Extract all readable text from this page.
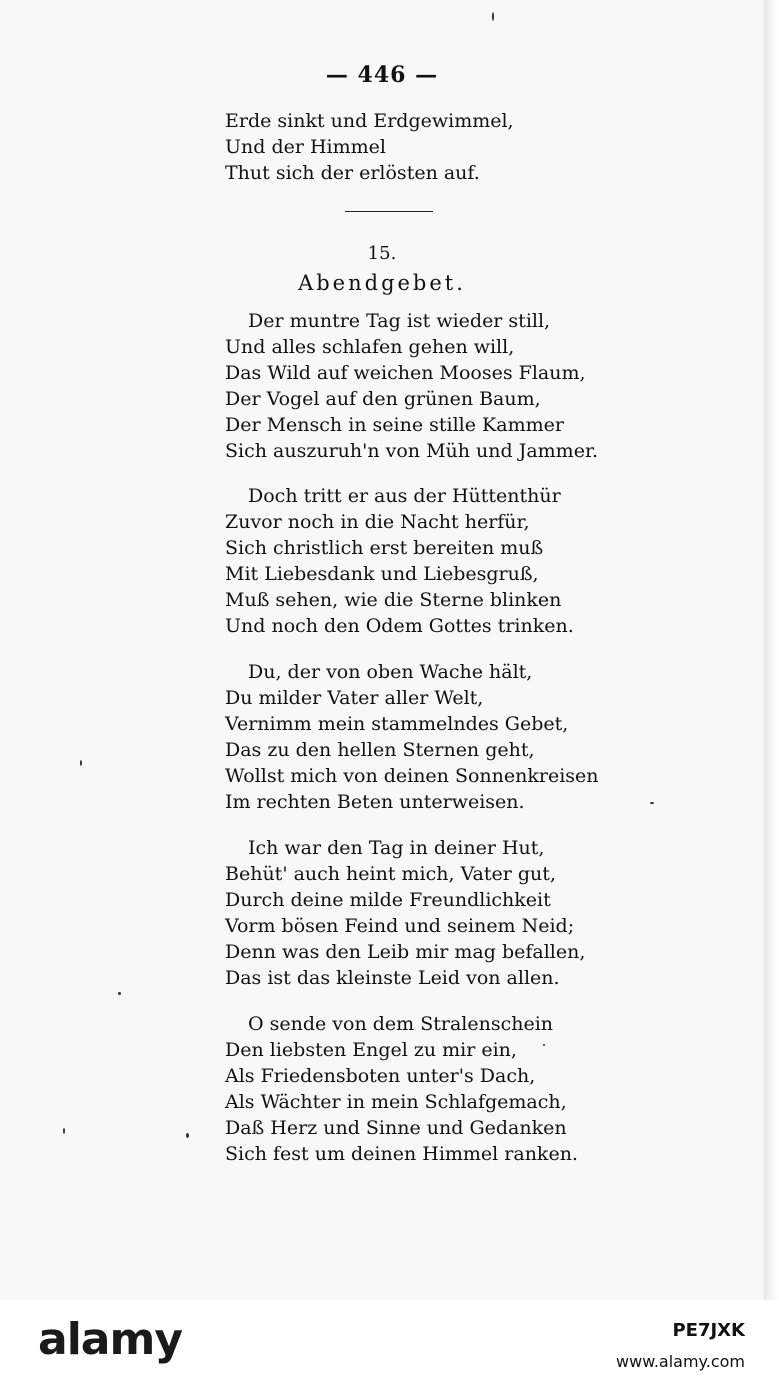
— 446 —
Erde sinkt und Erdgewimmel,
Und der Himmel
Thut sich der erlösten auf.
15.
Abendgebet.
Der muntre Tag ist wieder still,
Und alles schlafen gehen will,
Das Wild auf weichen Mooses Flaum,
Der Vogel auf den grünen Baum,
Der Mensch in seine stille Kammer
Sich auszuruh'n von Müh und Jammer.
Doch tritt er aus der Hüttenthür
Zuvor noch in die Nacht herfür,
Sich christlich erst bereiten muß
Mit Liebesdank und Liebesgruß,
Muß sehen, wie die Sterne blinken
Und noch den Odem Gottes trinken.
Du, der von oben Wache hält,
Du milder Vater aller Welt,
Vernimm mein stammelndes Gebet,
Das zu den hellen Sternen geht,
Wollst mich von deinen Sonnenkreisen
Im rechten Beten unterweisen.
Ich war den Tag in deiner Hut,
Behüt' auch heint mich, Vater gut,
Durch deine milde Freundlichkeit
Vorm bösen Feind und seinem Neid;
Denn was den Leib mir mag befallen,
Das ist das kleinste Leid von allen.
O sende von dem Stralenschein
Den liebsten Engel zu mir ein,
Als Friedensboten unter's Dach,
Als Wächter in mein Schlafgemach,
Daß Herz und Sinne und Gedanken
Sich fest um deinen Himmel ranken.
alamy	PE7JXK
www.alamy.com
